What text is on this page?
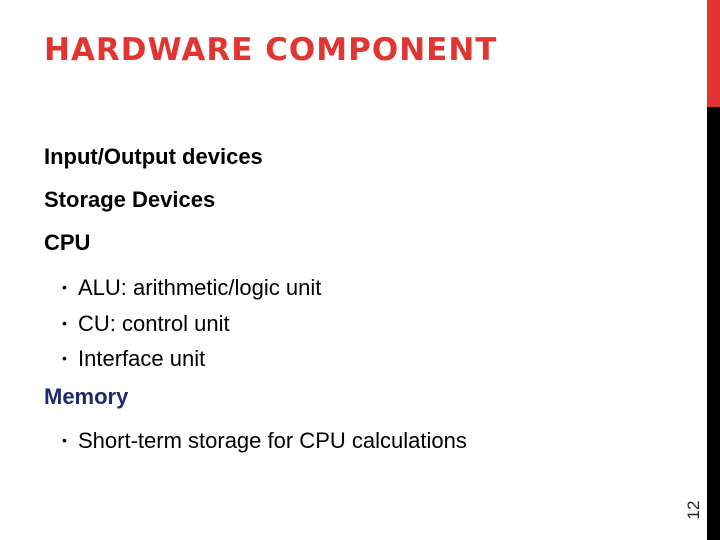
HARDWARE COMPONENT
12
Input/Output devices
Storage Devices
CPU
• ALU: arithmetic/logic unit
• CU: control unit
• Interface unit
Memory
• Short-term storage for CPU calculations
